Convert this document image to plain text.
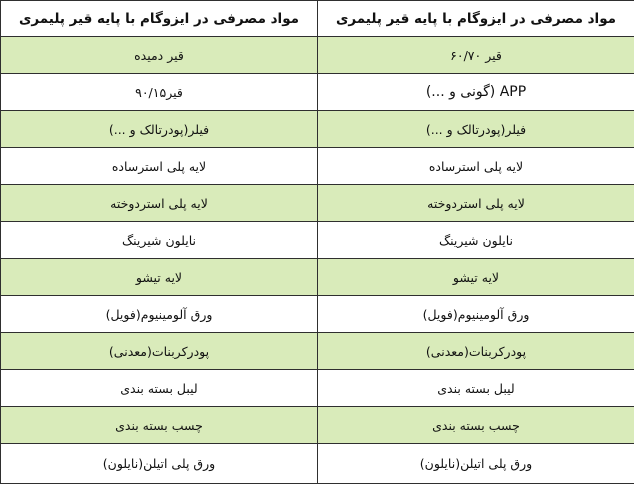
مواد مصرفی در ایزوگام با پایه قیر پلیمری	مواد مصرفی در ایزوگام با پایه قیر پلیمری
قیر دمیده	قیر ۶۰/۷۰
قیر۹۰/۱۵	APP (گونی و ...)
فیلر(پودرتالک و ...)	فیلر(پودرتالک و ...)
لایه پلی استرساده	لایه پلی استرساده
لایه پلی استردوخته	لایه پلی استردوخته
نایلون شیرینگ	نایلون شیرینگ
لایه تیشو	لایه تیشو
ورق آلومینیوم(فویل)	ورق آلومینیوم(فویل)
پودرکربنات(معدنی)	پودرکربنات(معدنی)
لیبل بسته بندی	لیبل بسته بندی
چسب بسته بندی	چسب بسته بندی
ورق پلی اتیلن(نایلون)	ورق پلی اتیلن(نایلون)
